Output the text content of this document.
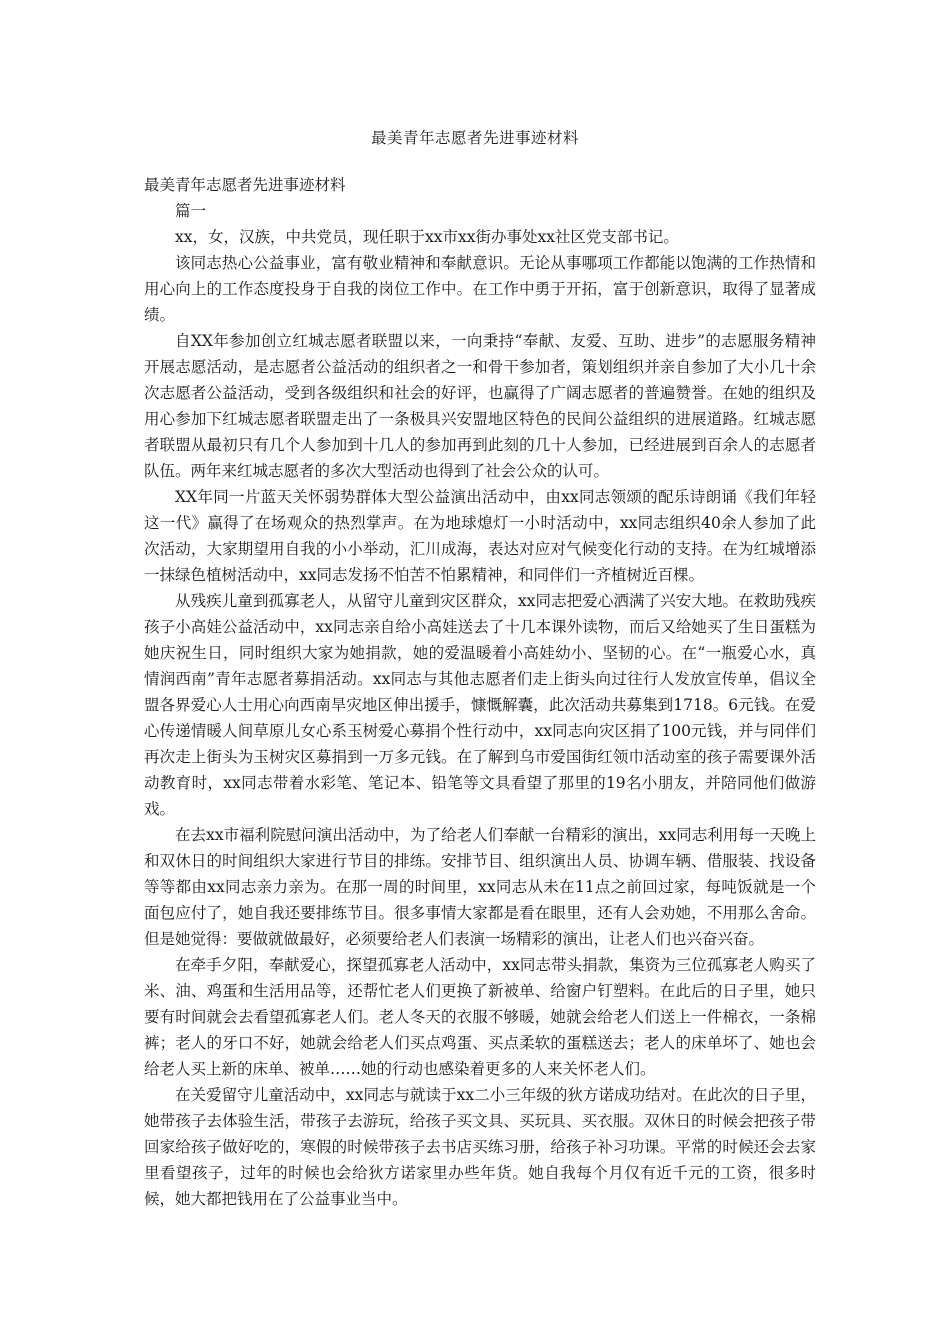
最美青年志愿者先进事迹材料

最美青年志愿者先进事迹材料

篇一

xx，女，汉族，中共党员，现任职于xx市xx街办事处xx社区党支部书记。

该同志热心公益事业，富有敬业精神和奉献意识。无论从事哪项工作都能以饱满的工作热情和用心向上的工作态度投身于自我的岗位工作中。在工作中勇于开拓，富于创新意识，取得了显著成绩。

自XX年参加创立红城志愿者联盟以来，一向秉持“奉献、友爱、互助、进步”的志愿服务精神开展志愿活动，是志愿者公益活动的组织者之一和骨干参加者，策划组织并亲自参加了大小几十余次志愿者公益活动，受到各级组织和社会的好评，也赢得了广阔志愿者的普遍赞誉。在她的组织及用心参加下红城志愿者联盟走出了一条极具兴安盟地区特色的民间公益组织的进展道路。红城志愿者联盟从最初只有几个人参加到十几人的参加再到此刻的几十人参加，已经进展到百余人的志愿者队伍。两年来红城志愿者的多次大型活动也得到了社会公众的认可。

XX年同一片蓝天关怀弱势群体大型公益演出活动中，由xx同志领颂的配乐诗朗诵《我们年轻这一代》赢得了在场观众的热烈掌声。在为地球熄灯一小时活动中，xx同志组织40余人参加了此次活动，大家期望用自我的小小举动，汇川成海，表达对应对气候变化行动的支持。在为红城增添一抹绿色植树活动中，xx同志发扬不怕苦不怕累精神，和同伴们一齐植树近百棵。

从残疾儿童到孤寡老人，从留守儿童到灾区群众，xx同志把爱心洒满了兴安大地。在救助残疾孩子小高娃公益活动中，xx同志亲自给小高娃送去了十几本课外读物，而后又给她买了生日蛋糕为她庆祝生日，同时组织大家为她捐款，她的爱温暖着小高娃幼小、坚韧的心。在“一瓶爱心水，真情润西南”青年志愿者募捐活动。xx同志与其他志愿者们走上街头向过往行人发放宣传单，倡议全盟各界爱心人士用心向西南旱灾地区伸出援手，慷慨解囊，此次活动共募集到1718。6元钱。在爱心传递情暖人间草原儿女心系玉树爱心募捐个性行动中，xx同志向灾区捐了100元钱，并与同伴们再次走上街头为玉树灾区募捐到一万多元钱。在了解到乌市爱国街红领巾活动室的孩子需要课外活动教育时，xx同志带着水彩笔、笔记本、铅笔等文具看望了那里的19名小朋友，并陪同他们做游戏。

在去xx市福利院慰问演出活动中，为了给老人们奉献一台精彩的演出，xx同志利用每一天晚上和双休日的时间组织大家进行节目的排练。安排节目、组织演出人员、协调车辆、借服装、找设备等等都由xx同志亲力亲为。在那一周的时间里，xx同志从未在11点之前回过家，每吨饭就是一个面包应付了，她自我还要排练节目。很多事情大家都是看在眼里，还有人会劝她，不用那么舍命。但是她觉得：要做就做最好，必须要给老人们表演一场精彩的演出，让老人们也兴奋兴奋。

在牵手夕阳，奉献爱心，探望孤寡老人活动中，xx同志带头捐款，集资为三位孤寡老人购买了米、油、鸡蛋和生活用品等，还帮忙老人们更换了新被单、给窗户钉塑料。在此后的日子里，她只要有时间就会去看望孤寡老人们。老人冬天的衣服不够暖，她就会给老人们送上一件棉衣，一条棉裤；老人的牙口不好，她就会给老人们买点鸡蛋、买点柔软的蛋糕送去；老人的床单坏了、她也会给老人买上新的床单、被单……她的行动也感染着更多的人来关怀老人们。

在关爱留守儿童活动中，xx同志与就读于xx二小三年级的狄方诺成功结对。在此次的日子里，她带孩子去体验生活，带孩子去游玩，给孩子买文具、买玩具、买衣服。双休日的时候会把孩子带回家给孩子做好吃的，寒假的时候带孩子去书店买练习册，给孩子补习功课。平常的时候还会去家里看望孩子，过年的时候也会给狄方诺家里办些年货。她自我每个月仅有近千元的工资，很多时候，她大都把钱用在了公益事业当中。
